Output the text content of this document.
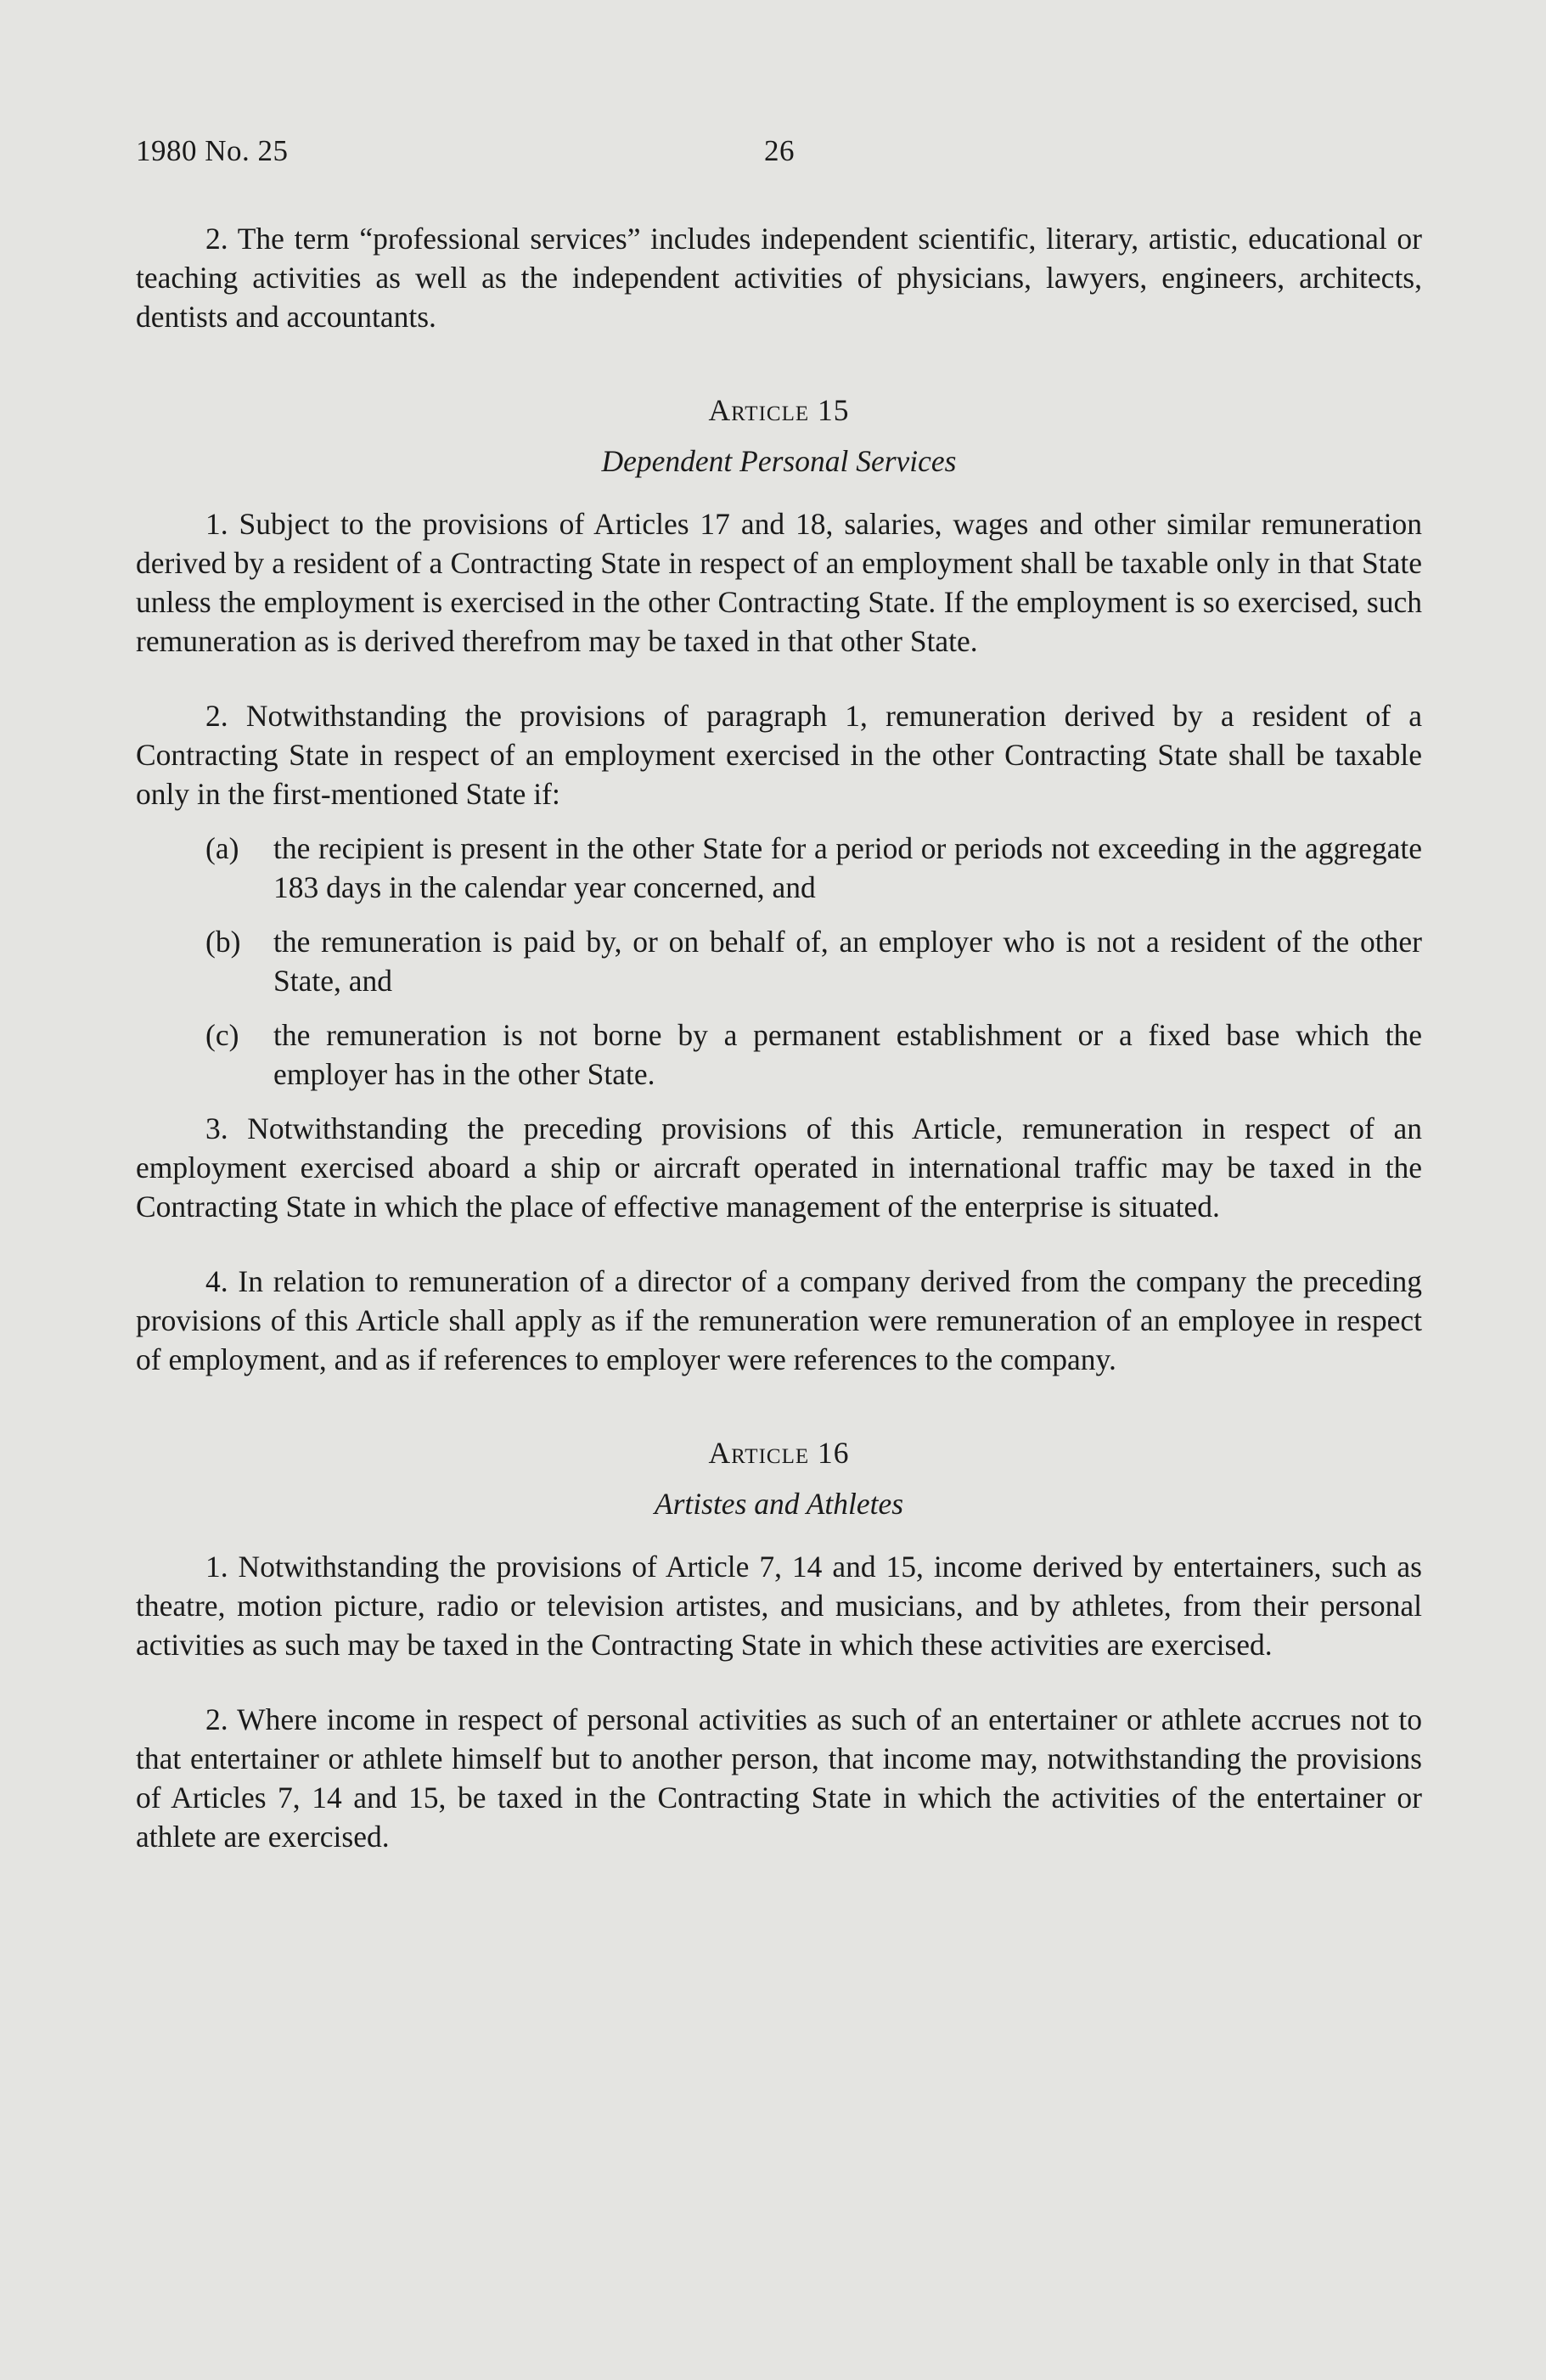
1980 No. 25	26

2. The term “professional services” includes independent scientific, literary, artistic, educational or teaching activities as well as the independent activities of physicians, lawyers, engineers, architects, dentists and accountants.

Article 15
Dependent Personal Services

1. Subject to the provisions of Articles 17 and 18, salaries, wages and other similar remuneration derived by a resident of a Contracting State in respect of an employment shall be taxable only in that State unless the employment is exercised in the other Contracting State. If the employment is so exercised, such remuneration as is derived therefrom may be taxed in that other State.

2. Notwithstanding the provisions of paragraph 1, remuneration derived by a resident of a Contracting State in respect of an employment exercised in the other Contracting State shall be taxable only in the first-mentioned State if:

(a)	the recipient is present in the other State for a period or periods not exceeding in the aggregate 183 days in the calendar year concerned, and
(b)	the remuneration is paid by, or on behalf of, an employer who is not a resident of the other State, and
(c)	the remuneration is not borne by a permanent establishment or a fixed base which the employer has in the other State.

3. Notwithstanding the preceding provisions of this Article, remuneration in respect of an employment exercised aboard a ship or aircraft operated in international traffic may be taxed in the Contracting State in which the place of effective management of the enterprise is situated.

4. In relation to remuneration of a director of a company derived from the company the preceding provisions of this Article shall apply as if the remuneration were remuneration of an employee in respect of employment, and as if references to employer were references to the company.

Article 16
Artistes and Athletes

1. Notwithstanding the provisions of Article 7, 14 and 15, income derived by entertainers, such as theatre, motion picture, radio or television artistes, and musicians, and by athletes, from their personal activities as such may be taxed in the Contracting State in which these activities are exercised.

2. Where income in respect of personal activities as such of an entertainer or athlete accrues not to that entertainer or athlete himself but to another person, that income may, notwithstanding the provisions of Articles 7, 14 and 15, be taxed in the Contracting State in which the activities of the entertainer or athlete are exercised.
